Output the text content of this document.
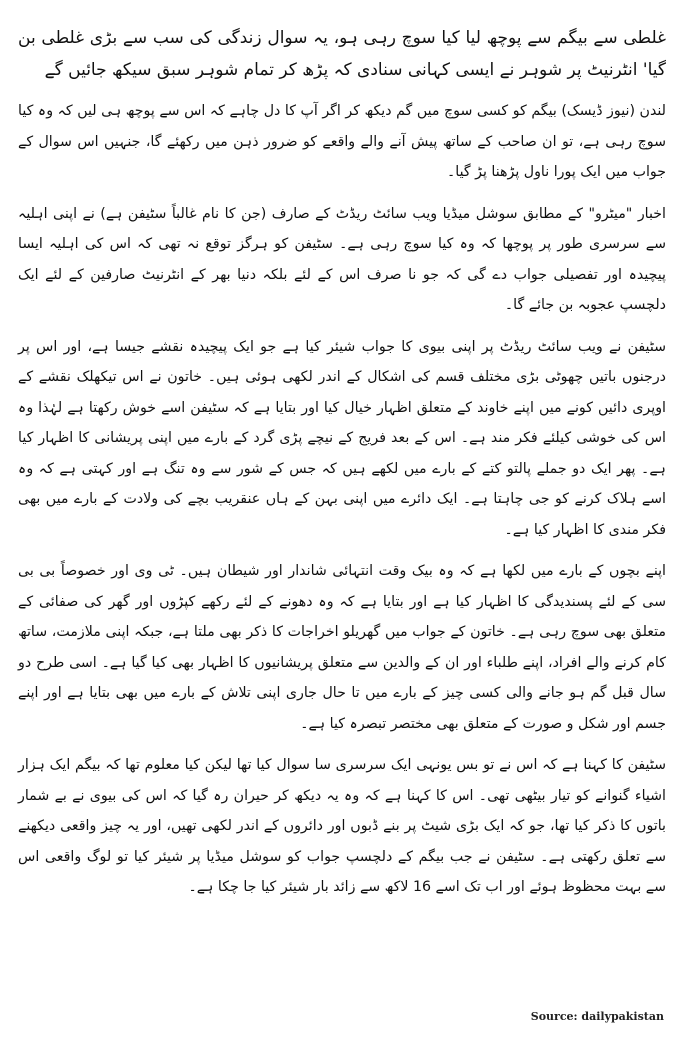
غلطی سے بیگم سے پوچھ لیا کیا سوچ رہی ہو، یہ سوال زندگی کی سب سے بڑی غلطی بن گیا' انٹرنیٹ پر شوہر نے ایسی کہانی سنادی کہ پڑھ کر تمام شوہر سبق سیکھ جائیں گے

لندن (نیوز ڈیسک) بیگم کو کسی سوچ میں گم دیکھ کر اگر آپ کا دل چاہے کہ اس سے پوچھ ہی لیں کہ وہ کیا سوچ رہی ہے، تو ان صاحب کے ساتھ پیش آنے والے واقعے کو ضرور ذہن میں رکھئے گا، جنہیں اس سوال کے جواب میں ایک پورا ناول پڑھنا پڑ گیا۔

اخبار "میٹرو" کے مطابق سوشل میڈیا ویب سائٹ ریڈٹ کے صارف (جن کا نام غالباً سٹیفن ہے) نے اپنی اہلیہ سے سرسری طور پر پوچھا کہ وہ کیا سوچ رہی ہے۔ سٹیفن کو ہرگز توقع نہ تھی کہ اس کی اہلیہ ایسا پیچیدہ اور تفصیلی جواب دے گی کہ جو نا صرف اس کے لئے بلکہ دنیا بھر کے انٹرنیٹ صارفین کے لئے ایک دلچسپ عجوبہ بن جائے گا۔

سٹیفن نے ویب سائٹ ریڈٹ پر اپنی بیوی کا جواب شیئر کیا ہے جو ایک پیچیدہ نقشے جیسا ہے، اور اس پر درجنوں باتیں چھوٹی بڑی مختلف قسم کی اشکال کے اندر لکھی ہوئی ہیں۔ خاتون نے اس تیکھلک نقشے کے اوپری دائیں کونے میں اپنے خاوند کے متعلق اظہار خیال کیا اور بتایا ہے کہ سٹیفن اسے خوش رکھتا ہے لہٰذا وہ اس کی خوشی کیلئے فکر مند ہے۔ اس کے بعد فریج کے نیچے پڑی گرد کے بارے میں اپنی پریشانی کا اظہار کیا ہے۔ پھر ایک دو جملے پالتو کتے کے بارے میں لکھے ہیں کہ جس کے شور سے وہ تنگ ہے اور کہتی ہے کہ وہ اسے ہلاک کرنے کو جی چاہتا ہے۔ ایک دائرے میں اپنی بہن کے ہاں عنقریب بچے کی ولادت کے بارے میں بھی فکر مندی کا اظہار کیا ہے۔

اپنے بچوں کے بارے میں لکھا ہے کہ وہ بیک وقت انتہائی شاندار اور شیطان ہیں۔ ٹی وی اور خصوصاً بی بی سی کے لئے پسندیدگی کا اظہار کیا ہے اور بتایا ہے کہ وہ دھونے کے لئے رکھے کپڑوں اور گھر کی صفائی کے متعلق بھی سوچ رہی ہے۔ خاتون کے جواب میں گھریلو اخراجات کا ذکر بھی ملتا ہے، جبکہ اپنی ملازمت، ساتھ کام کرنے والے افراد، اپنے طلباء اور ان کے والدین سے متعلق پریشانیوں کا اظہار بھی کیا گیا ہے۔ اسی طرح دو سال قبل گم ہو جانے والی کسی چیز کے بارے میں تا حال جاری اپنی تلاش کے بارے میں بھی بتایا ہے اور اپنے جسم اور شکل و صورت کے متعلق بھی مختصر تبصرہ کیا ہے۔

سٹیفن کا کہنا ہے کہ اس نے تو بس یونہی ایک سرسری سا سوال کیا تھا لیکن کیا معلوم تھا کہ بیگم ایک ہزار اشیاء گنوانے کو تیار بیٹھی تھی۔ اس کا کہنا ہے کہ وہ یہ دیکھ کر حیران رہ گیا کہ اس کی بیوی نے بے شمار باتوں کا ذکر کیا تھا، جو کہ ایک بڑی شیٹ پر بنے ڈبوں اور دائروں کے اندر لکھی تھیں، اور یہ چیز واقعی دیکھنے سے تعلق رکھتی ہے۔ سٹیفن نے جب بیگم کے دلچسپ جواب کو سوشل میڈیا پر شیئر کیا تو لوگ واقعی اس سے بہت محظوظ ہوئے اور اب تک اسے 16 لاکھ سے زائد بار شیئر کیا جا چکا ہے۔

Source: dailypakistan
